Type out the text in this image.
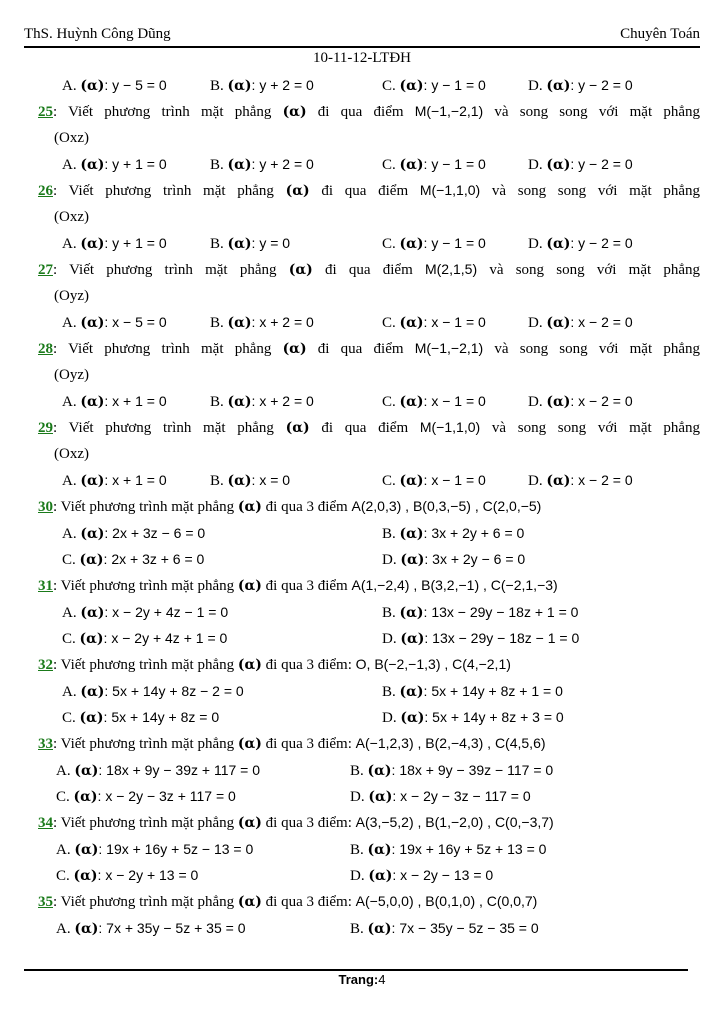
ThS. Huỳnh Công Dũng	Chuyên Toán
10-11-12-LTĐH
A. (α): y − 5 = 0	B. (α): y + 2 = 0	C. (α): y − 1 = 0	D. (α): y − 2 = 0
25: Viết phương trình mặt phẳng (α) đi qua điểm M(−1,−2,1) và song song với mặt phẳng
(Oxz)
A. (α): y + 1 = 0	B. (α): y + 2 = 0	C. (α): y − 1 = 0	D. (α): y − 2 = 0
26: Viết phương trình mặt phẳng (α) đi qua điểm M(−1,1,0) và song song với mặt phẳng
(Oxz)
A. (α): y + 1 = 0	B. (α): y = 0	C. (α): y − 1 = 0	D. (α): y − 2 = 0
27: Viết phương trình mặt phẳng (α) đi qua điểm M(2,1,5) và song song với mặt phẳng
(Oyz)
A. (α): x − 5 = 0	B. (α): x + 2 = 0	C. (α): x − 1 = 0	D. (α): x − 2 = 0
28: Viết phương trình mặt phẳng (α) đi qua điểm M(−1,−2,1) và song song với mặt phẳng
(Oyz)
A. (α): x + 1 = 0	B. (α): x + 2 = 0	C. (α): x − 1 = 0	D. (α): x − 2 = 0
29: Viết phương trình mặt phẳng (α) đi qua điểm M(−1,1,0) và song song với mặt phẳng
(Oxz)
A. (α): x + 1 = 0	B. (α): x = 0	C. (α): x − 1 = 0	D. (α): x − 2 = 0
30: Viết phương trình mặt phẳng (α) đi qua 3 điểm A(2,0,3) , B(0,3,−5) , C(2,0,−5)
A. (α): 2x + 3z − 6 = 0	B. (α): 3x + 2y + 6 = 0
C. (α): 2x + 3z + 6 = 0	D. (α): 3x + 2y − 6 = 0
31: Viết phương trình mặt phẳng (α) đi qua 3 điểm A(1,−2,4) , B(3,2,−1) , C(−2,1,−3)
A. (α): x − 2y + 4z − 1 = 0	B. (α): 13x − 29y − 18z + 1 = 0
C. (α): x − 2y + 4z + 1 = 0	D. (α): 13x − 29y − 18z − 1 = 0
32: Viết phương trình mặt phẳng (α) đi qua 3 điểm: O, B(−2,−1,3) , C(4,−2,1)
A. (α): 5x + 14y + 8z − 2 = 0	B. (α): 5x + 14y + 8z + 1 = 0
C. (α): 5x + 14y + 8z = 0	D. (α): 5x + 14y + 8z + 3 = 0
33: Viết phương trình mặt phẳng (α) đi qua 3 điểm: A(−1,2,3) , B(2,−4,3) , C(4,5,6)
A. (α): 18x + 9y − 39z + 117 = 0	B. (α): 18x + 9y − 39z − 117 = 0
C. (α): x − 2y − 3z + 117 = 0	D. (α): x − 2y − 3z − 117 = 0
34: Viết phương trình mặt phẳng (α) đi qua 3 điểm: A(3,−5,2) , B(1,−2,0) , C(0,−3,7)
A. (α): 19x + 16y + 5z − 13 = 0	B. (α): 19x + 16y + 5z + 13 = 0
C. (α): x − 2y + 13 = 0	D. (α): x − 2y − 13 = 0
35: Viết phương trình mặt phẳng (α) đi qua 3 điểm: A(−5,0,0) , B(0,1,0) , C(0,0,7)
A. (α): 7x + 35y − 5z + 35 = 0	B. (α): 7x − 35y − 5z − 35 = 0
Trang:4
